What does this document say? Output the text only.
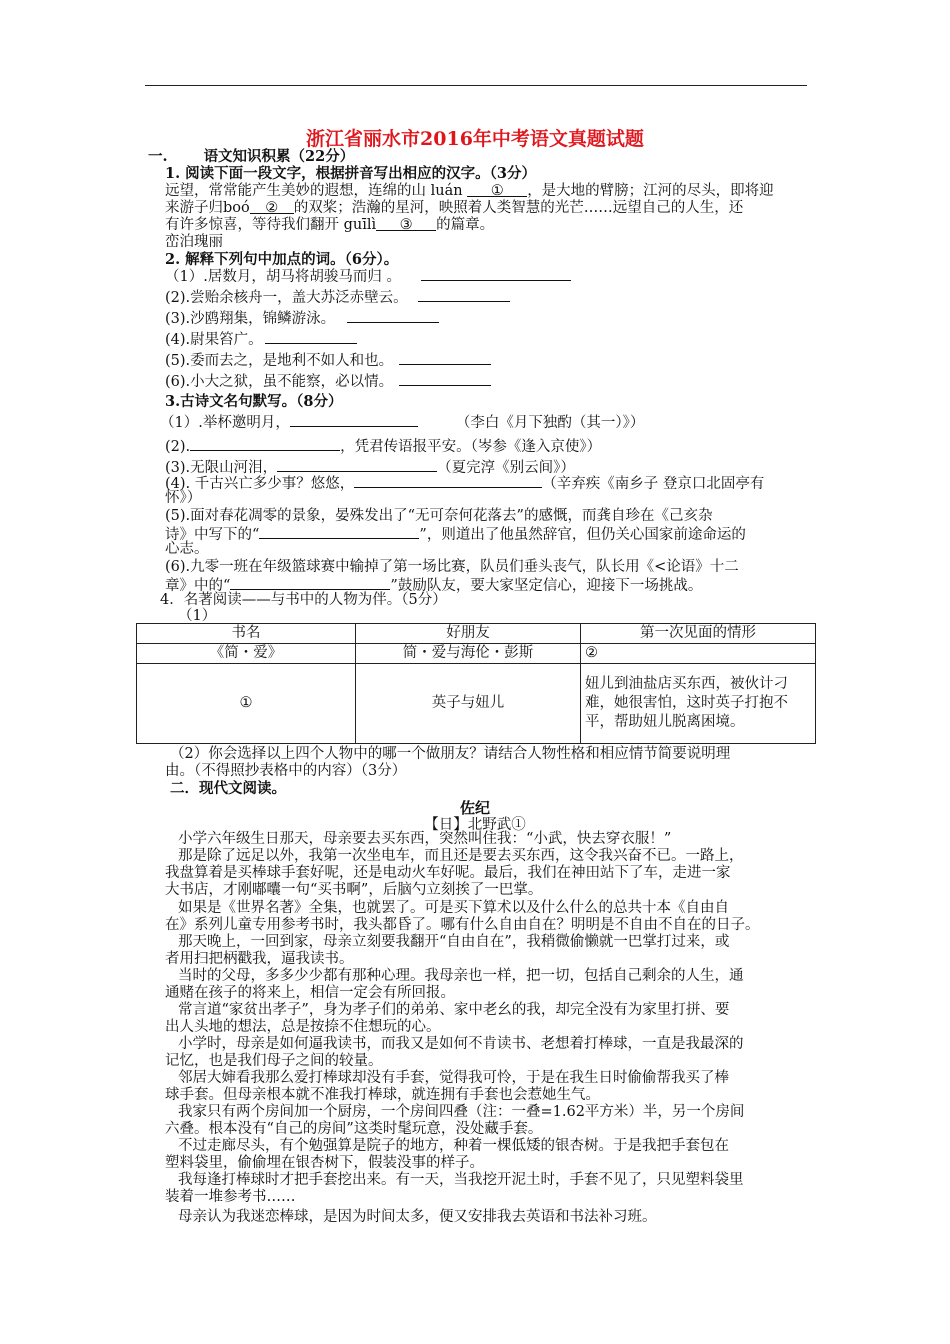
浙江省丽水市2016年中考语文真题试题
一. 语文知识积累（22分）
1. 阅读下面一段文字，根据拼音写出相应的汉字。（3分）
远望，常常能产生美妙的遐想，连绵的山 luán ① ，是大地的臂膀；江河的尽头，即将迎
来游子归boó ② 的双桨；浩瀚的星河，映照着人类智慧的光芒……远望自己的人生，还
有许多惊喜，等待我们翻开 guīlì ③ 的篇章。
峦泊瑰丽
2. 解释下列句中加点的词。（6分）。
（1）.居数月，胡马将胡骏马而归 。
(2).尝贻余核舟一，盖大苏泛赤壁云。
(3).沙鸥翔集，锦鳞游泳。
(4).尉果笞广。
(5).委而去之，是地利不如人和也。
(6).小大之狱，虽不能察，必以情。
3.古诗文名句默写。（8分）
（1）.举杯邀明月，	（李白《月下独酌（其一）》）
(2).	，凭君传语报平安。（岑参《逢入京使》）
(3).无限山河泪，	（夏完淳《别云间》）
(4). 千古兴亡多少事？悠悠，	（辛弃疾《南乡子 登京口北固亭有
怀》）
(5).面对春花凋零的景象，晏殊发出了“无可奈何花落去”的感慨，而龚自珍在《己亥杂
诗》中写下的“	”，则道出了他虽然辞官，但仍关心国家前途命运的
心志。
(6).九零一班在年级篮球赛中输掉了第一场比赛，队员们垂头丧气，队长用《<论语》十二
章》中的“	”鼓励队友，要大家坚定信心，迎接下一场挑战。
4．名著阅读——与书中的人物为伴。（5分）
（1）
书名	好朋友	第一次见面的情形
《简・爱》	简・爱与海伦・彭斯	②
①	英子与妞儿	妞儿到油盐店买东西，被伙计刁难，她很害怕，这时英子打抱不平，帮助妞儿脱离困境。
（2）你会选择以上四个人物中的哪一个做朋友？请结合人物性格和相应情节简要说明理
由。（不得照抄表格中的内容）（3分）
二．现代文阅读。
佐纪
【日】北野武①
小学六年级生日那天，母亲要去买东西，突然叫住我：“小武，快去穿衣服！”
那是除了远足以外，我第一次坐电车，而且还是要去买东西，这令我兴奋不已。一路上，
我盘算着是买棒球手套好呢，还是电动火车好呢。最后，我们在神田站下了车，走进一家
大书店，才刚嘟囔一句“买书啊”，后脑勺立刻挨了一巴掌。
如果是《世界名著》全集，也就罢了。可是买下算术以及什么什么的总共十本《自由自
在》系列儿童专用参考书时，我头都昏了。哪有什么自由自在？明明是不自由不自在的日子。
那天晚上，一回到家，母亲立刻要我翻开“自由自在”，我稍微偷懒就一巴掌打过来，或
者用扫把柄戳我，逼我读书。
当时的父母，多多少少都有那种心理。我母亲也一样，把一切，包括自己剩余的人生，通
通赌在孩子的将来上，相信一定会有所回报。
常言道“家贫出孝子”，身为孝子们的弟弟、家中老幺的我，却完全没有为家里打拼、要
出人头地的想法，总是按捺不住想玩的心。
小学时，母亲是如何逼我读书，而我又是如何不肯读书、老想着打棒球，一直是我最深的
记忆，也是我们母子之间的较量。
邻居大婶看我那么爱打棒球却没有手套，觉得我可怜，于是在我生日时偷偷帮我买了棒
球手套。但母亲根本就不准我打棒球，就连拥有手套也会惹她生气。
我家只有两个房间加一个厨房，一个房间四叠（注：一叠=1.62平方米）半，另一个房间
六叠。根本没有“自己的房间”这类时髦玩意，没处藏手套。
不过走廊尽头，有个勉强算是院子的地方，种着一棵低矮的银杏树。于是我把手套包在
塑料袋里，偷偷埋在银杏树下，假装没事的样子。
我每逢打棒球时才把手套挖出来。有一天，当我挖开泥土时，手套不见了，只见塑料袋里
装着一堆参考书……
母亲认为我迷恋棒球，是因为时间太多，便又安排我去英语和书法补习班。
